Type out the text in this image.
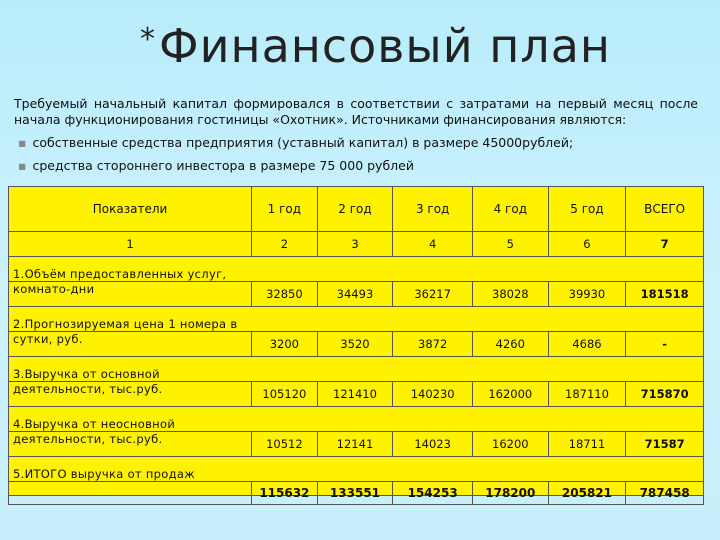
* Финансовый план
Требуемый начальный капитал формировался в соответствии с затратами на первый месяц после начала функционирования гостиницы «Охотник». Источниками финансирования являются:
▪ собственные средства предприятия (уставный капитал) в размере 45000рублей;
▪ средства стороннего инвестора в размере 75 000 рублей
Показатели	1 год	2 год	3 год	4 год	5 год	ВСЕГО
1	2	3	4	5	6	7
1.Объём предоставленных услуг,						
комнато-дни	32850	34493	36217	38028	39930	181518
2.Прогнозируемая цена 1 номера в						
сутки, руб.	3200	3520	3872	4260	4686	-
3.Выручка от основной						
деятельности, тыс.руб.	105120	121410	140230	162000	187110	715870
4.Выручка от неосновной						
деятельности, тыс.руб.	10512	12141	14023	16200	18711	71587
5.ИТОГО выручка от продаж						
	115632	133551	154253	178200	205821	787458
